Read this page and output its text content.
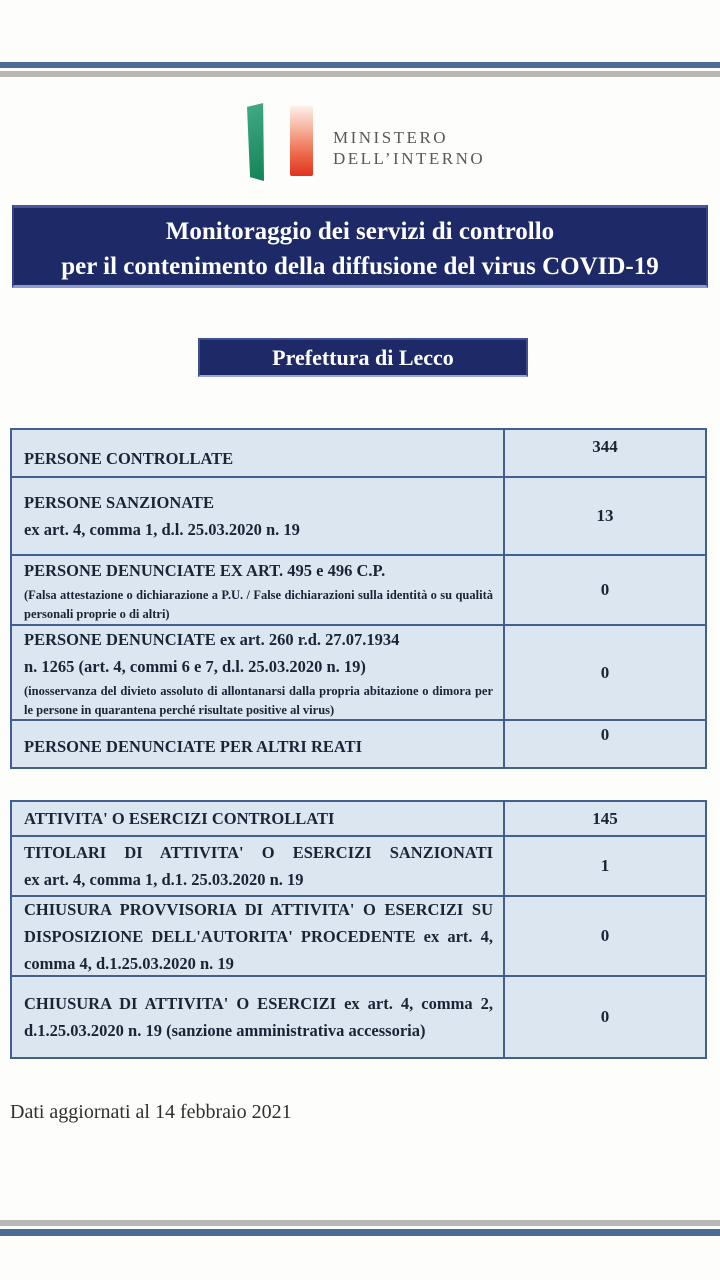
MINISTERO
DELL’INTERNO
Monitoraggio dei servizi di controllo
per il contenimento della diffusione del virus COVID-19
Prefettura di Lecco
PERSONE CONTROLLATE
344
PERSONE SANZIONATE
ex art. 4, comma 1, d.l. 25.03.2020 n. 19
13
PERSONE DENUNCIATE EX ART. 495 e 496 C.P.
(Falsa attestazione o dichiarazione a P.U. / False dichiarazioni sulla identità o su qualità personali proprie o di altri)
0
PERSONE DENUNCIATE ex art. 260 r.d. 27.07.1934
n. 1265 (art. 4, commi 6 e 7, d.l. 25.03.2020 n. 19)
(inosservanza del divieto assoluto di allontanarsi dalla propria abitazione o dimora per le persone in quarantena perché risultate positive al virus)
0
PERSONE DENUNCIATE PER ALTRI REATI
0
ATTIVITA' O ESERCIZI CONTROLLATI	145
TITOLARI DI ATTIVITA' O ESERCIZI SANZIONATI
ex art. 4, comma 1, d.1. 25.03.2020 n. 19
1
CHIUSURA PROVVISORIA DI ATTIVITA' O ESERCIZI SU DISPOSIZIONE DELL'AUTORITA' PROCEDENTE ex art. 4, comma 4, d.1.25.03.2020 n. 19
0
CHIUSURA DI ATTIVITA' O ESERCIZI ex art. 4, comma 2, d.1.25.03.2020 n. 19 (sanzione amministrativa accessoria)
0
Dati aggiornati al 14 febbraio 2021
